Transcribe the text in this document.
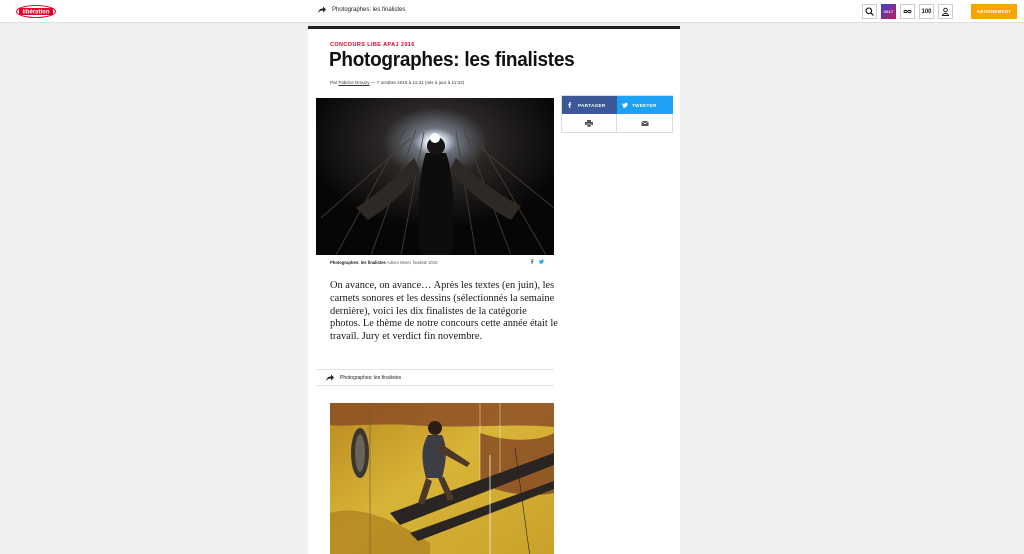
libération
Photographes: les finalistes	2017	100	ABONNEMENT
CONCOURS LIBE APAJ 2016
Photographes: les finalistes
Par Fabrice Drouzy — 7 octobre 2016 à 11:31 (mis à jour à 11:32)
Photographes: les finalistes Adrien Morel, finaliste 2016
On avance, on avance… Après les textes (en juin), les carnets sonores et les dessins (sélectionnés la semaine dernière), voici les dix finalistes de la catégorie photos. Le thème de notre concours cette année était le travail. Jury et verdict fin novembre.
Photographes: les finalistes
PARTAGER	TWEETER
